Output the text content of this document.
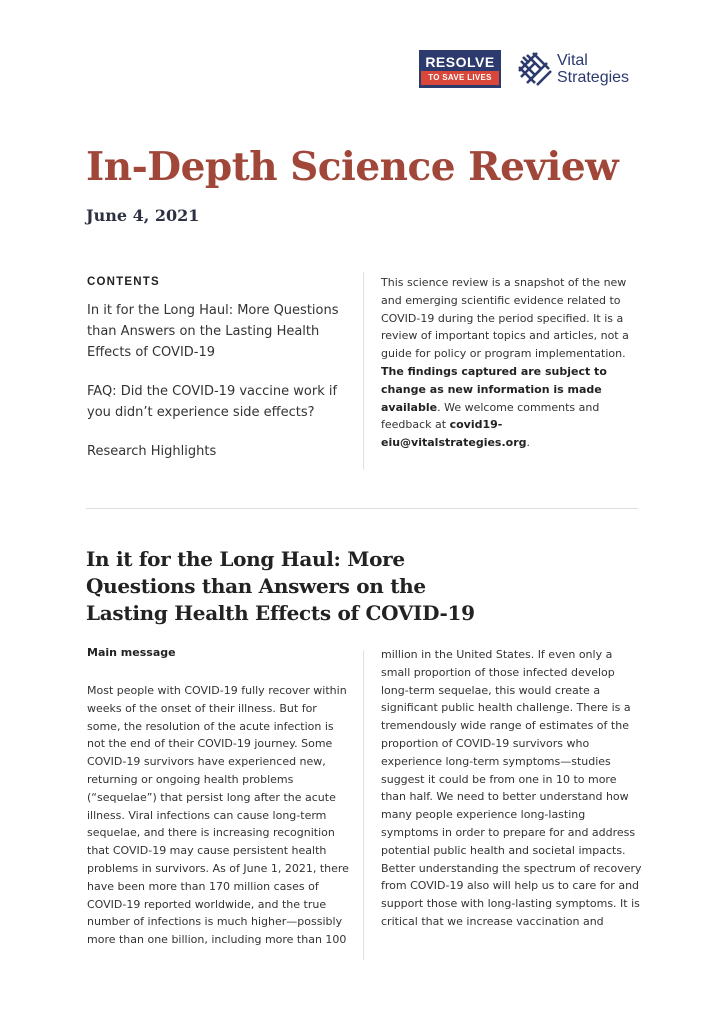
RESOLVE
TO SAVE LIVES
Vital
Strategies
In-Depth Science Review
June 4, 2021
CONTENTS
In it for the Long Haul: More Questions than Answers on the Lasting Health Effects of COVID-19
FAQ: Did the COVID-19 vaccine work if you didn’t experience side effects?
Research Highlights
This science review is a snapshot of the new and emerging scientific evidence related to COVID-19 during the period specified. It is a review of important topics and articles, not a guide for policy or program implementation. The findings captured are subject to change as new information is made available. We welcome comments and feedback at covid19-eiu@vitalstrategies.org.
In it for the Long Haul: More Questions than Answers on the Lasting Health Effects of COVID-19
Main message

Most people with COVID-19 fully recover within weeks of the onset of their illness. But for some, the resolution of the acute infection is not the end of their COVID-19 journey. Some COVID-19 survivors have experienced new, returning or ongoing health problems (“sequelae”) that persist long after the acute illness. Viral infections can cause long-term sequelae, and there is increasing recognition that COVID-19 may cause persistent health problems in survivors. As of June 1, 2021, there have been more than 170 million cases of COVID-19 reported worldwide, and the true number of infections is much higher—possibly more than one billion, including more than 100

million in the United States. If even only a small proportion of those infected develop long-term sequelae, this would create a significant public health challenge. There is a tremendously wide range of estimates of the proportion of COVID-19 survivors who experience long-term symptoms—studies suggest it could be from one in 10 to more than half. We need to better understand how many people experience long-lasting symptoms in order to prepare for and address potential public health and societal impacts. Better understanding the spectrum of recovery from COVID-19 also will help us to care for and support those with long-lasting symptoms. It is critical that we increase vaccination and
